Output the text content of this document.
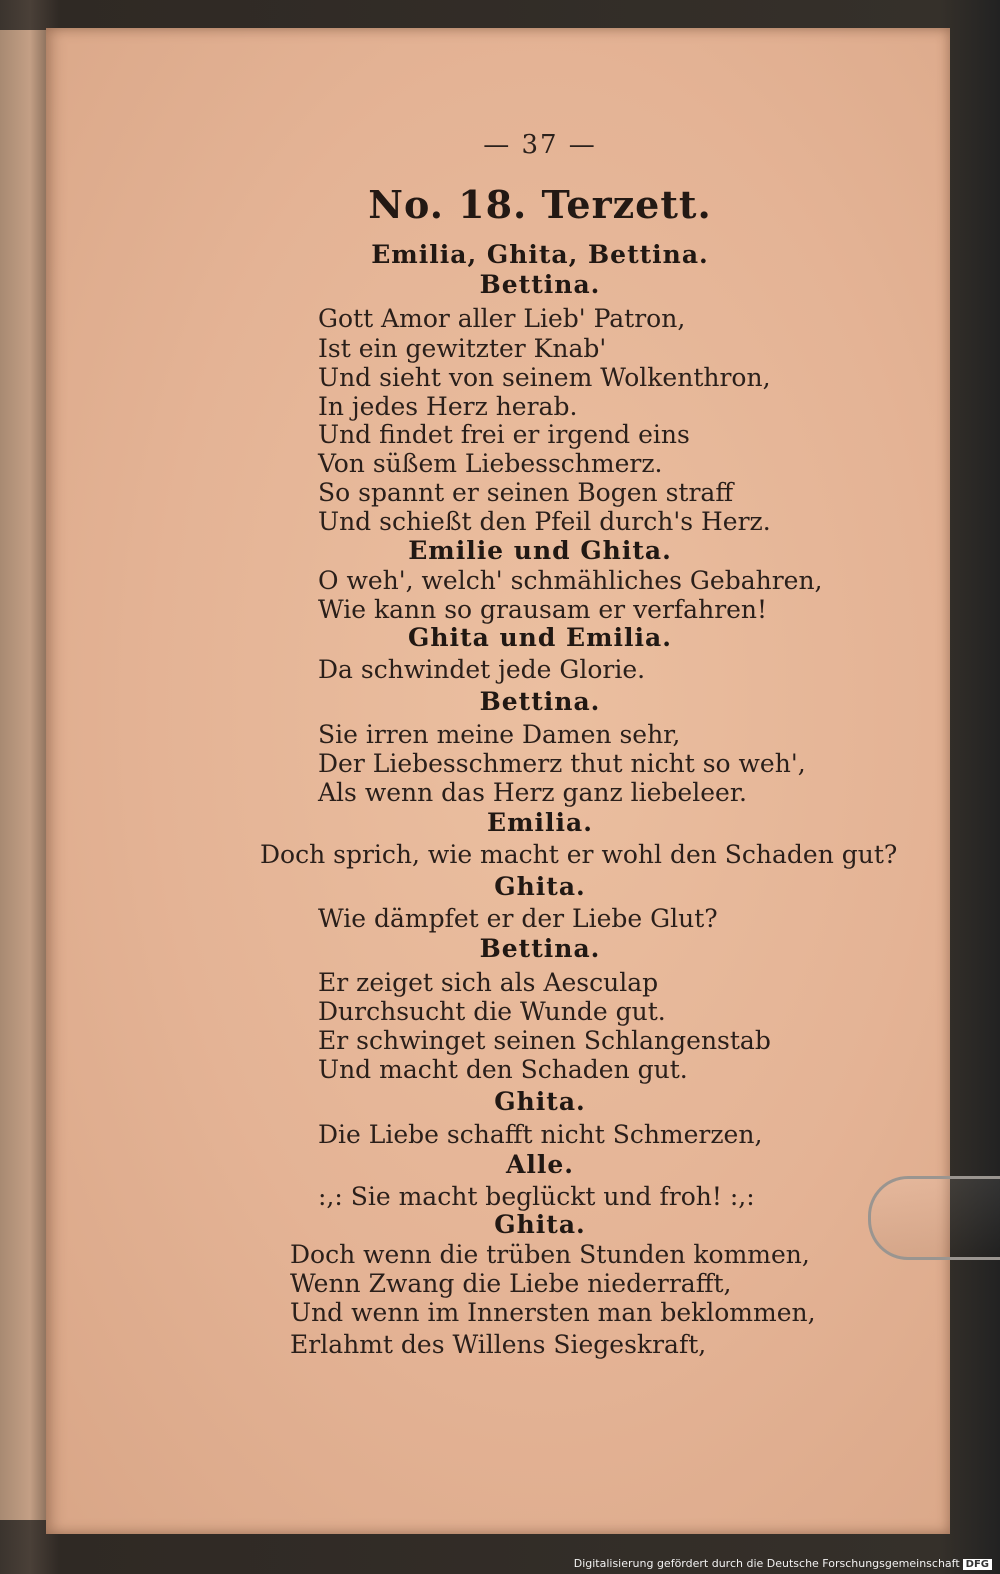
— 37 —
No. 18. Terzett.
Emilia, Ghita, Bettina.
Bettina.
Gott Amor aller Lieb' Patron,
Ist ein gewitzter Knab'
Und sieht von seinem Wolkenthron,
In jedes Herz herab.
Und findet frei er irgend eins
Von süßem Liebesschmerz.
So spannt er seinen Bogen straff
Und schießt den Pfeil durch's Herz.
Emilie und Ghita.
O weh', welch' schmähliches Gebahren,
Wie kann so grausam er verfahren!
Ghita und Emilia.
Da schwindet jede Glorie.
Bettina.
Sie irren meine Damen sehr,
Der Liebesschmerz thut nicht so weh',
Als wenn das Herz ganz liebeleer.
Emilia.
Doch sprich, wie macht er wohl den Schaden gut?
Ghita.
Wie dämpfet er der Liebe Glut?
Bettina.
Er zeiget sich als Aesculap
Durchsucht die Wunde gut.
Er schwinget seinen Schlangenstab
Und macht den Schaden gut.
Ghita.
Die Liebe schafft nicht Schmerzen,
Alle.
:,: Sie macht beglückt und froh! :,:
Ghita.
Doch wenn die trüben Stunden kommen,
Wenn Zwang die Liebe niederrafft,
Und wenn im Innersten man beklommen,
Erlahmt des Willens Siegeskraft,
Digitalisierung gefördert durch die Deutsche Forschungsgemeinschaft DFG
